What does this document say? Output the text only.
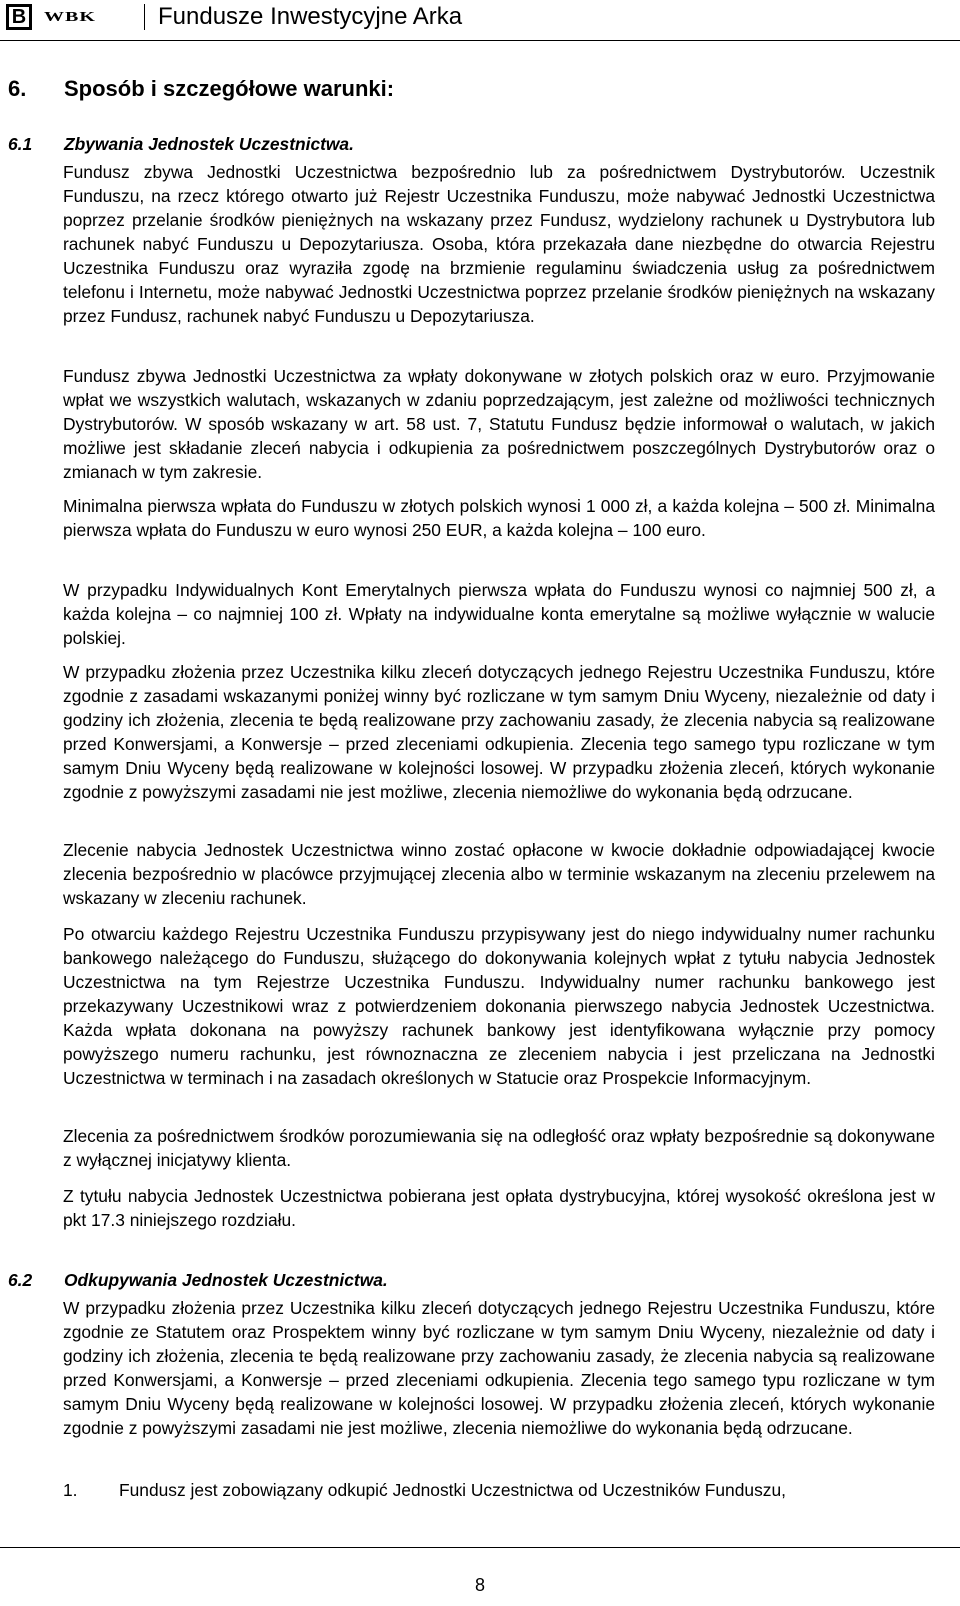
B WBK	Fundusze Inwestycyjne Arka
6. Sposób i szczegółowe warunki:
6.1 Zbywania Jednostek Uczestnictwa.

Fundusz zbywa Jednostki Uczestnictwa bezpośrednio lub za pośrednictwem Dystrybutorów. Uczestnik Funduszu, na rzecz którego otwarto już Rejestr Uczestnika Funduszu, może nabywać Jednostki Uczestnictwa poprzez przelanie środków pieniężnych na wskazany przez Fundusz, wydzielony rachunek u Dystrybutora lub rachunek nabyć Funduszu u Depozytariusza. Osoba, która przekazała dane niezbędne do otwarcia Rejestru Uczestnika Funduszu oraz wyraziła zgodę na brzmienie regulaminu świadczenia usług za pośrednictwem telefonu i Internetu, może nabywać Jednostki Uczestnictwa poprzez przelanie środków pieniężnych na wskazany przez Fundusz, rachunek nabyć Funduszu u Depozytariusza.

Fundusz zbywa Jednostki Uczestnictwa za wpłaty dokonywane w złotych polskich oraz w euro. Przyjmowanie wpłat we wszystkich walutach, wskazanych w zdaniu poprzedzającym, jest zależne od możliwości technicznych Dystrybutorów. W sposób wskazany w art. 58 ust. 7, Statutu Fundusz będzie informował o walutach, w jakich możliwe jest składanie zleceń nabycia i odkupienia za pośrednictwem poszczególnych Dystrybutorów oraz o zmianach w tym zakresie.

Minimalna pierwsza wpłata do Funduszu w złotych polskich wynosi 1 000 zł, a każda kolejna – 500 zł. Minimalna pierwsza wpłata do Funduszu w euro wynosi 250 EUR, a każda kolejna – 100 euro.

W przypadku Indywidualnych Kont Emerytalnych pierwsza wpłata do Funduszu wynosi co najmniej 500 zł, a każda kolejna – co najmniej 100 zł. Wpłaty na indywidualne konta emerytalne są możliwe wyłącznie w walucie polskiej.

W przypadku złożenia przez Uczestnika kilku zleceń dotyczących jednego Rejestru Uczestnika Funduszu, które zgodnie z zasadami wskazanymi poniżej winny być rozliczane w tym samym Dniu Wyceny, niezależnie od daty i godziny ich złożenia, zlecenia te będą realizowane przy zachowaniu zasady, że zlecenia nabycia są realizowane przed Konwersjami, a Konwersje – przed zleceniami odkupienia. Zlecenia tego samego typu rozliczane w tym samym Dniu Wyceny będą realizowane w kolejności losowej. W przypadku złożenia zleceń, których wykonanie zgodnie z powyższymi zasadami nie jest możliwe, zlecenia niemożliwe do wykonania będą odrzucane.

Zlecenie nabycia Jednostek Uczestnictwa winno zostać opłacone w kwocie dokładnie odpowiadającej kwocie zlecenia bezpośrednio w placówce przyjmującej zlecenia albo w terminie wskazanym na zleceniu przelewem na wskazany w zleceniu rachunek.

Po otwarciu każdego Rejestru Uczestnika Funduszu przypisywany jest do niego indywidualny numer rachunku bankowego należącego do Funduszu, służącego do dokonywania kolejnych wpłat z tytułu nabycia Jednostek Uczestnictwa na tym Rejestrze Uczestnika Funduszu. Indywidualny numer rachunku bankowego jest przekazywany Uczestnikowi wraz z potwierdzeniem dokonania pierwszego nabycia Jednostek Uczestnictwa. Każda wpłata dokonana na powyższy rachunek bankowy jest identyfikowana wyłącznie przy pomocy powyższego numeru rachunku, jest równoznaczna ze zleceniem nabycia i jest przeliczana na Jednostki Uczestnictwa w terminach i na zasadach określonych w Statucie oraz Prospekcie Informacyjnym.

Zlecenia za pośrednictwem środków porozumiewania się na odległość oraz wpłaty bezpośrednie są dokonywane z wyłącznej inicjatywy klienta.

Z tytułu nabycia Jednostek Uczestnictwa pobierana jest opłata dystrybucyjna, której wysokość określona jest w pkt 17.3 niniejszego rozdziału.

6.2 Odkupywania Jednostek Uczestnictwa.

W przypadku złożenia przez Uczestnika kilku zleceń dotyczących jednego Rejestru Uczestnika Funduszu, które zgodnie ze Statutem oraz Prospektem winny być rozliczane w tym samym Dniu Wyceny, niezależnie od daty i godziny ich złożenia, zlecenia te będą realizowane przy zachowaniu zasady, że zlecenia nabycia są realizowane przed Konwersjami, a Konwersje – przed zleceniami odkupienia. Zlecenia tego samego typu rozliczane w tym samym Dniu Wyceny będą realizowane w kolejności losowej. W przypadku złożenia zleceń, których wykonanie zgodnie z powyższymi zasadami nie jest możliwe, zlecenia niemożliwe do wykonania będą odrzucane.

1. Fundusz jest zobowiązany odkupić Jednostki Uczestnictwa od Uczestników Funduszu,
8
